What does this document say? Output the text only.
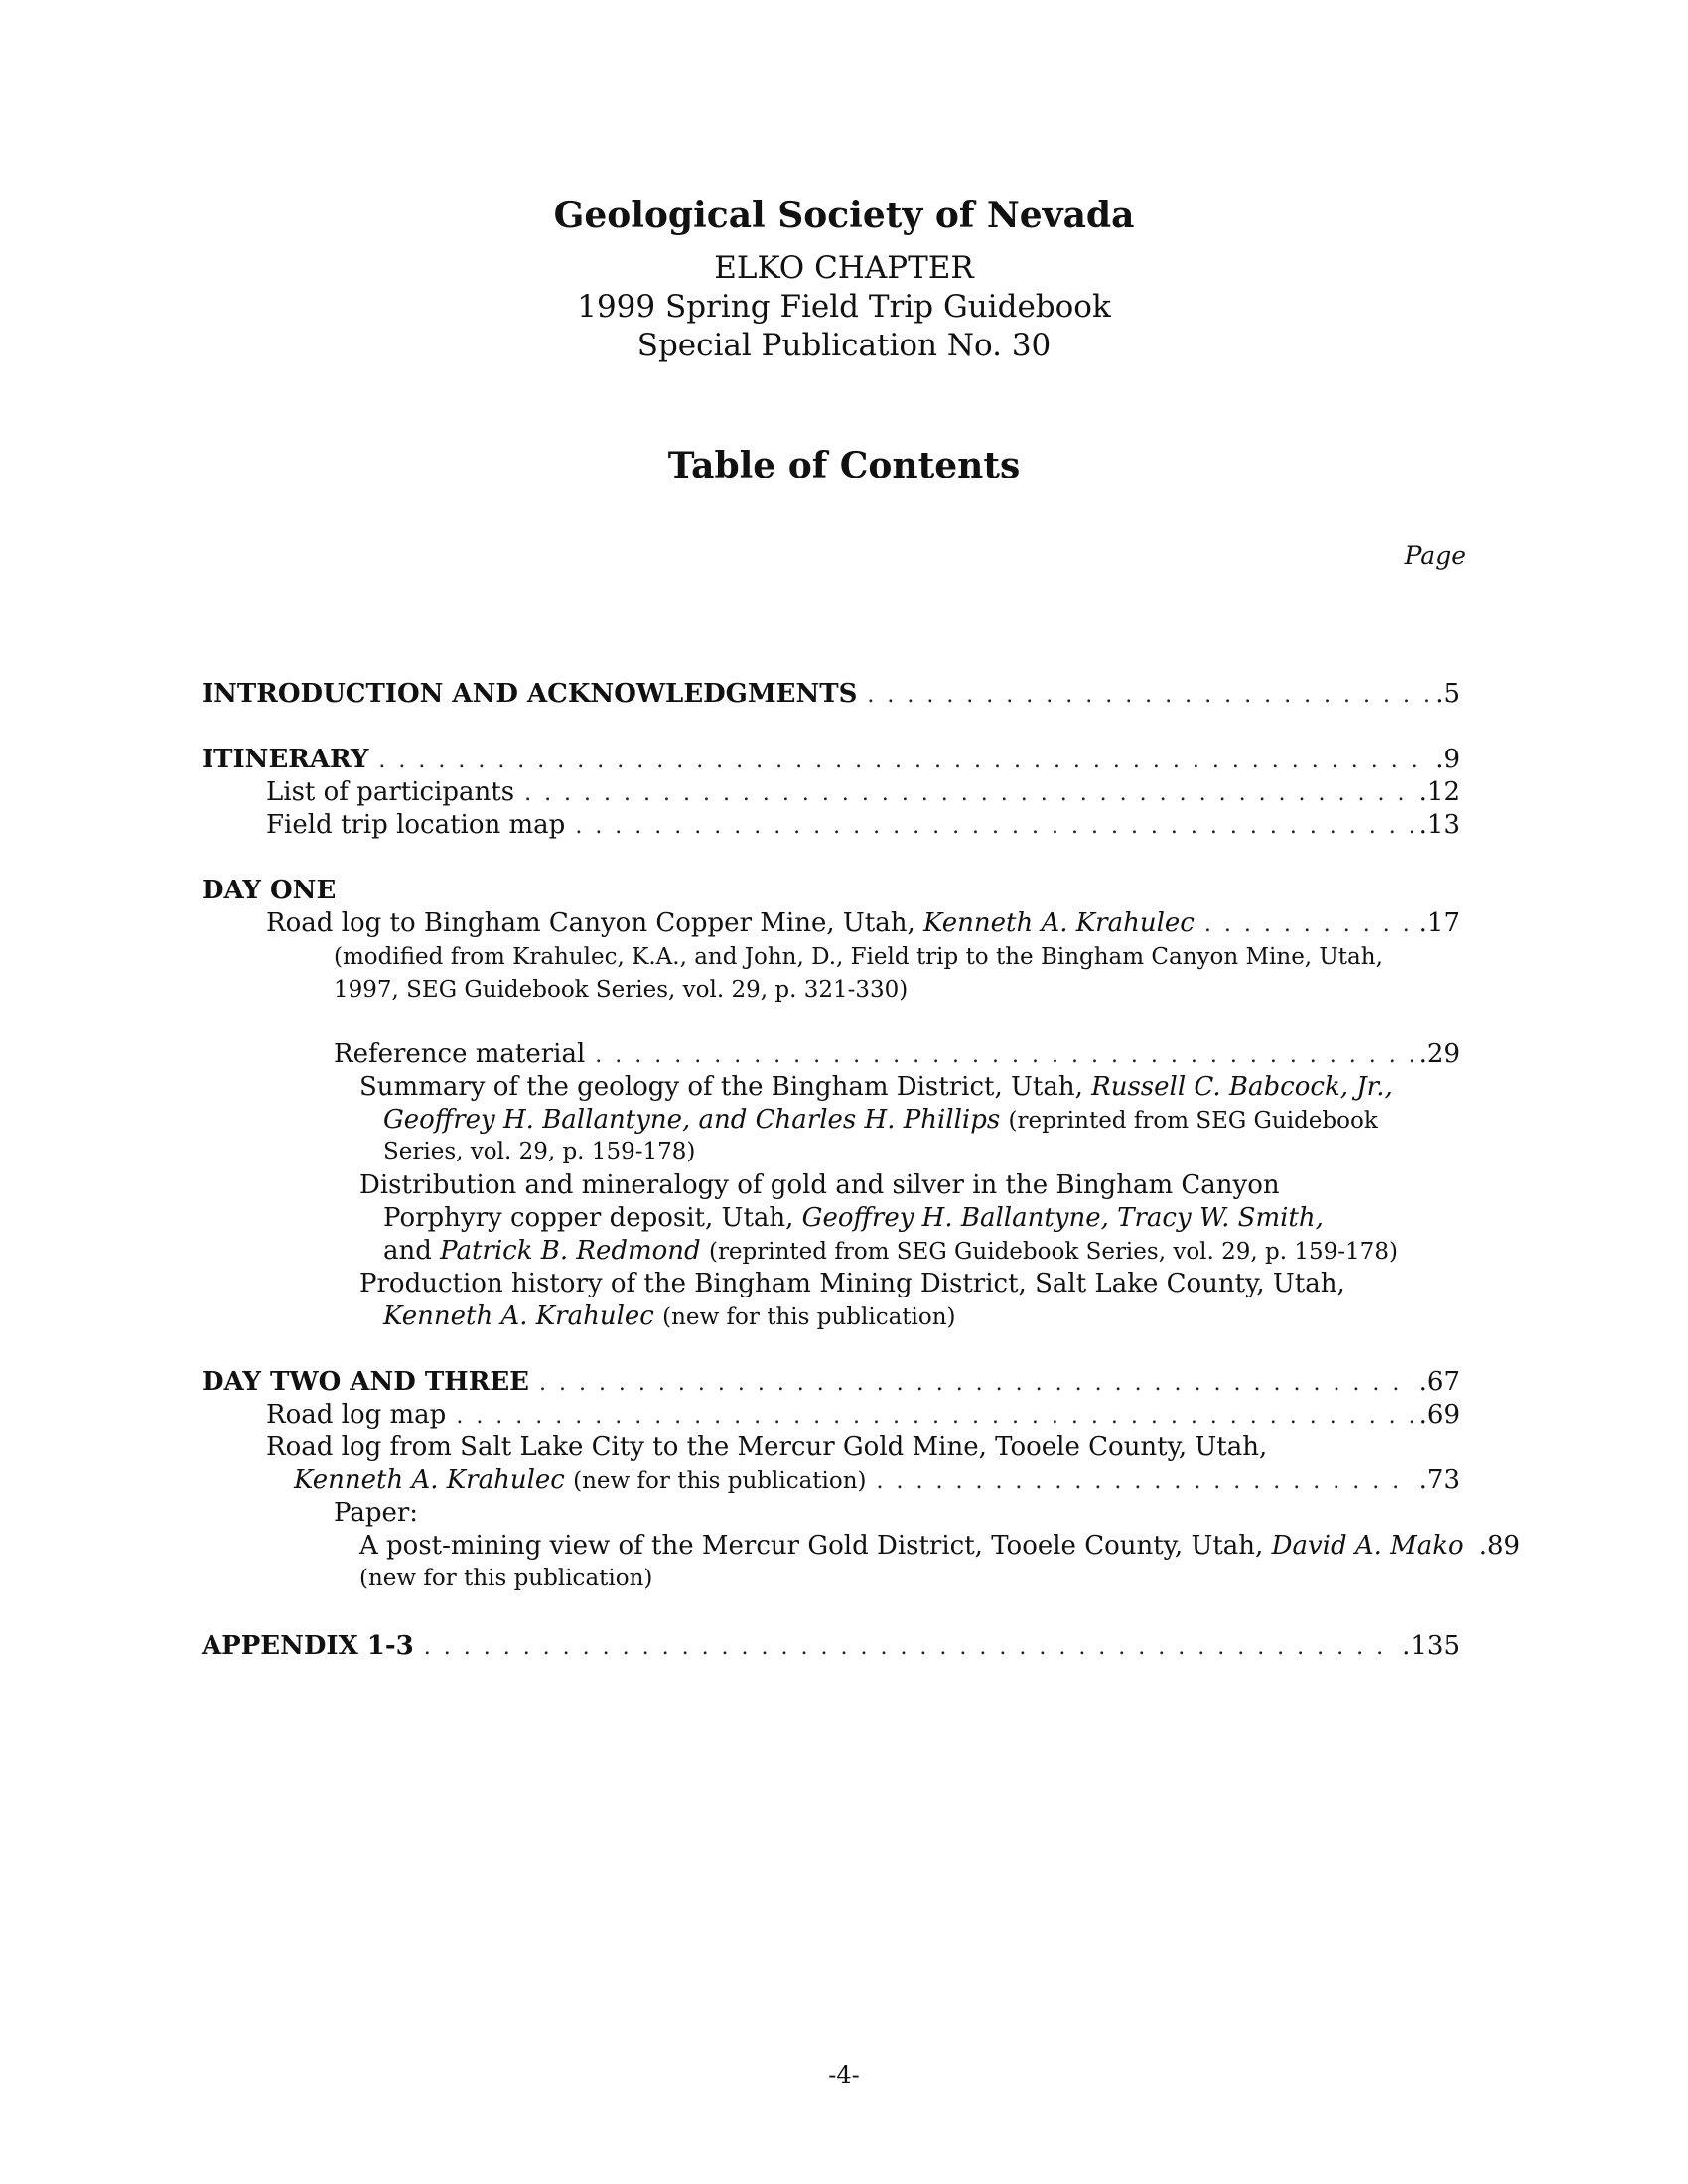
Geological Society of Nevada
ELKO CHAPTER
1999 Spring Field Trip Guidebook
Special Publication No. 30
Table of Contents
Page
INTRODUCTION AND ACKNOWLEDGMENTS . . .	.5
ITINERARY . . .	.9
List of participants . . .	.12
Field trip location map . . .	.13
DAY ONE
Road log to Bingham Canyon Copper Mine, Utah, Kenneth A. Krahulec . . .	.17
(modified from Krahulec, K.A., and John, D., Field trip to the Bingham Canyon Mine, Utah,
1997, SEG Guidebook Series, vol. 29, p. 321-330)
Reference material . . .	.29
Summary of the geology of the Bingham District, Utah,
Russell C. Babcock, Jr.,
Geoffrey H. Ballantyne, and Charles H. Phillips
(reprinted from SEG Guidebook
Series, vol. 29, p. 159-178)
Distribution and mineralogy of gold and silver in the Bingham Canyon
Porphyry copper deposit, Utah,
Geoffrey H. Ballantyne, Tracy W. Smith,
and
Patrick B. Redmond
(reprinted from SEG Guidebook Series, vol. 29, p. 159-178)
Production history of the Bingham Mining District, Salt Lake County, Utah,
Kenneth A. Krahulec
(new for this publication)
DAY TWO AND THREE . . .	.67
Road log map . . .	.69
Road log from Salt Lake City to the Mercur Gold Mine, Tooele County, Utah,
Kenneth A. Krahulec (new for this publication) . . .	.73
Paper:
A post-mining view of the Mercur Gold District, Tooele County, Utah, David A. Mako .89
(new for this publication)
APPENDIX 1-3 . . .	.135
-4-
